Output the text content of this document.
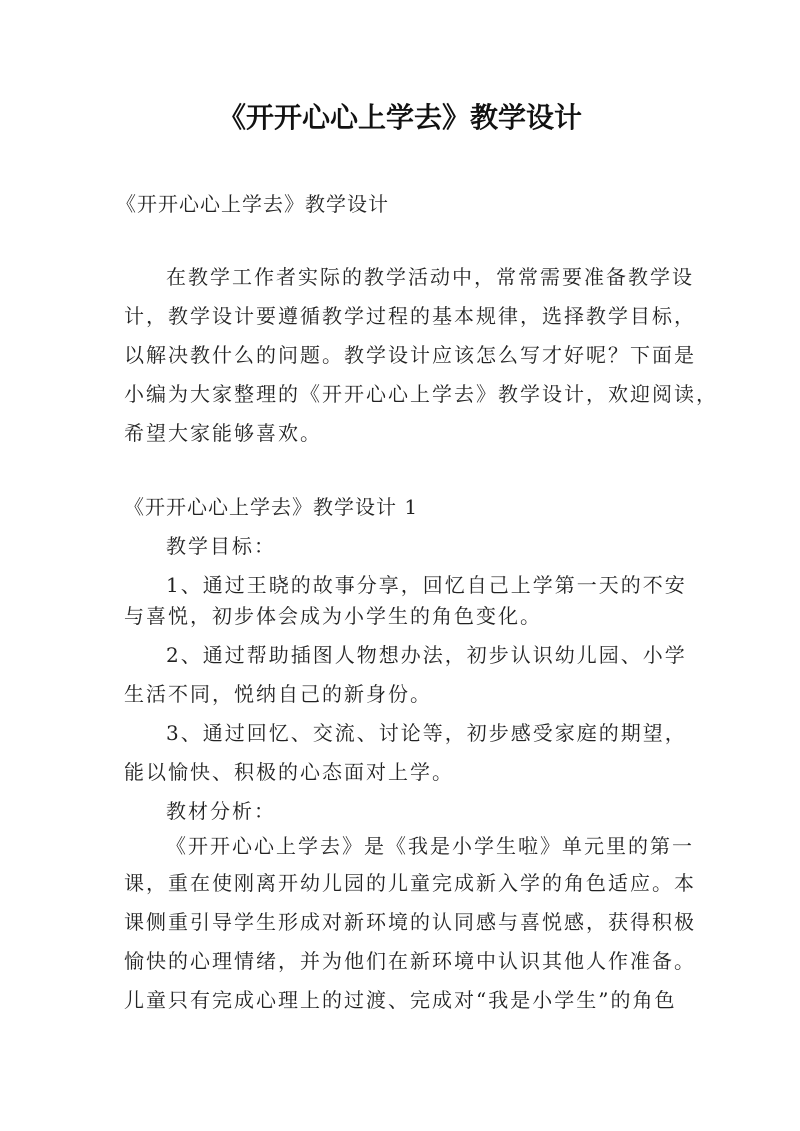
《开开心心上学去》教学设计
《开开心心上学去》教学设计
在教学工作者实际的教学活动中，常常需要准备教学设
计，教学设计要遵循教学过程的基本规律，选择教学目标，
以解决教什么的问题。教学设计应该怎么写才好呢？下面是
小编为大家整理的《开开心心上学去》教学设计，欢迎阅读，
希望大家能够喜欢。
《开开心心上学去》教学设计 1
教学目标：
1、通过王晓的故事分享，回忆自己上学第一天的不安
与喜悦，初步体会成为小学生的角色变化。
2、通过帮助插图人物想办法，初步认识幼儿园、小学
生活不同，悦纳自己的新身份。
3、通过回忆、交流、讨论等，初步感受家庭的期望，
能以愉快、积极的心态面对上学。
教材分析：
《开开心心上学去》是《我是小学生啦》单元里的第一
课，重在使刚离开幼儿园的儿童完成新入学的角色适应。本
课侧重引导学生形成对新环境的认同感与喜悦感，获得积极
愉快的心理情绪，并为他们在新环境中认识其他人作准备。
儿童只有完成心理上的过渡、完成对“我是小学生”的角色
